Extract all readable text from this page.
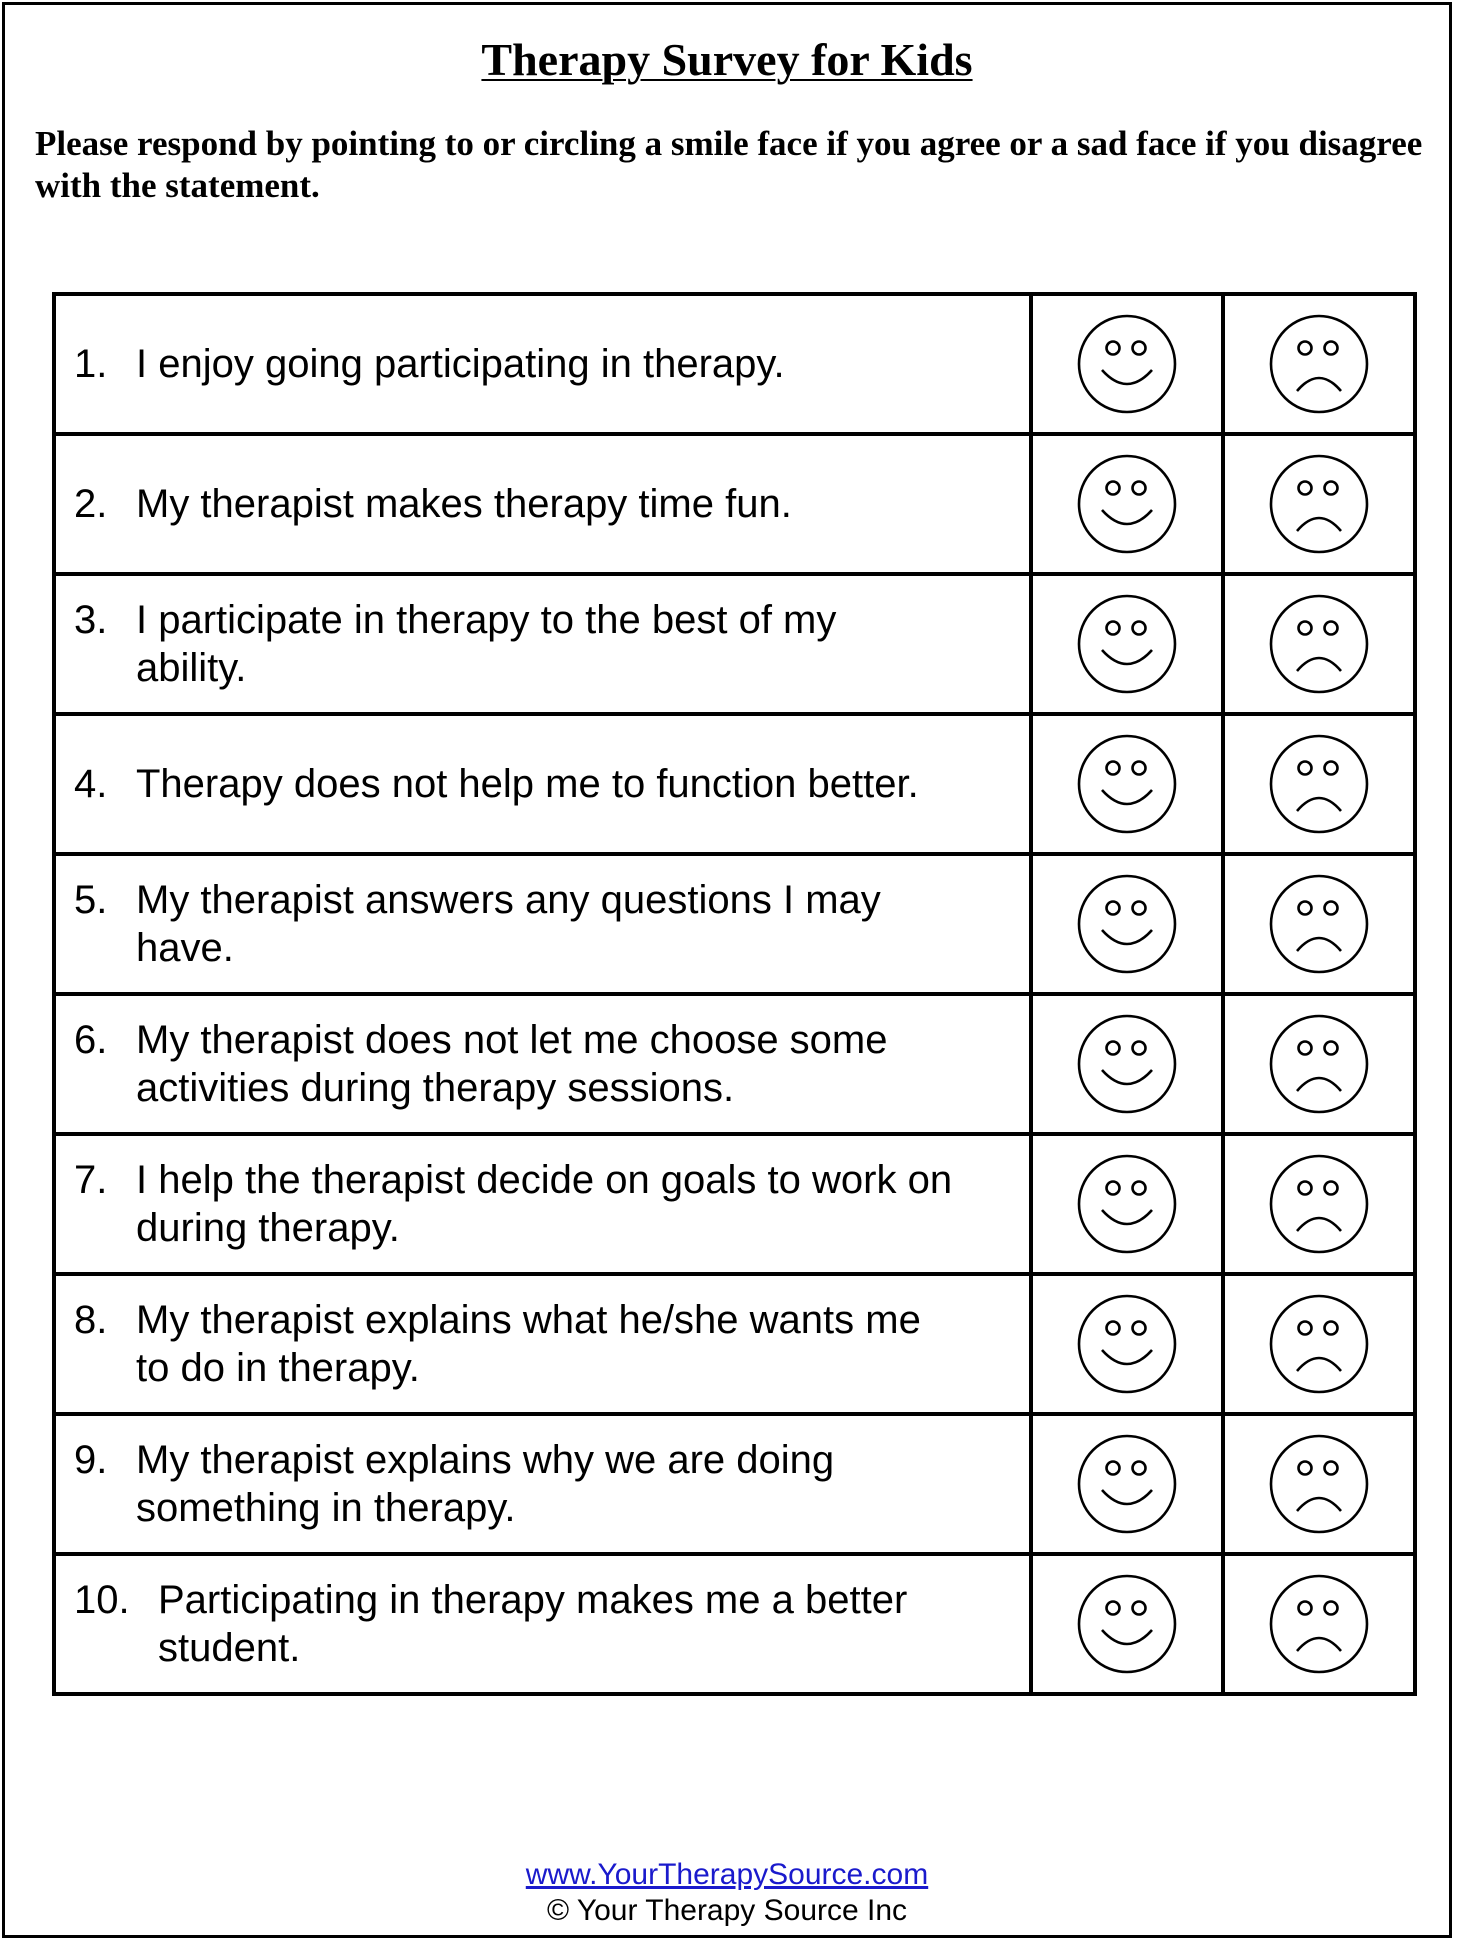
Therapy Survey for Kids
Please respond by pointing to or circling a smile face if you agree or a sad face if you disagree with the statement.
1. I enjoy going participating in therapy.

2. My therapist makes therapy time fun.

3. I participate in therapy to the best of my ability.

4. Therapy does not help me to function better.

5. My therapist answers any questions I may have.

6. My therapist does not let me choose some activities during therapy sessions.

7. I help the therapist decide on goals to work on during therapy.

8. My therapist explains what he/she wants me to do in therapy.

9. My therapist explains why we are doing something in therapy.

10. Participating in therapy makes me a better student.

www.YourTherapySource.com
© Your Therapy Source Inc
